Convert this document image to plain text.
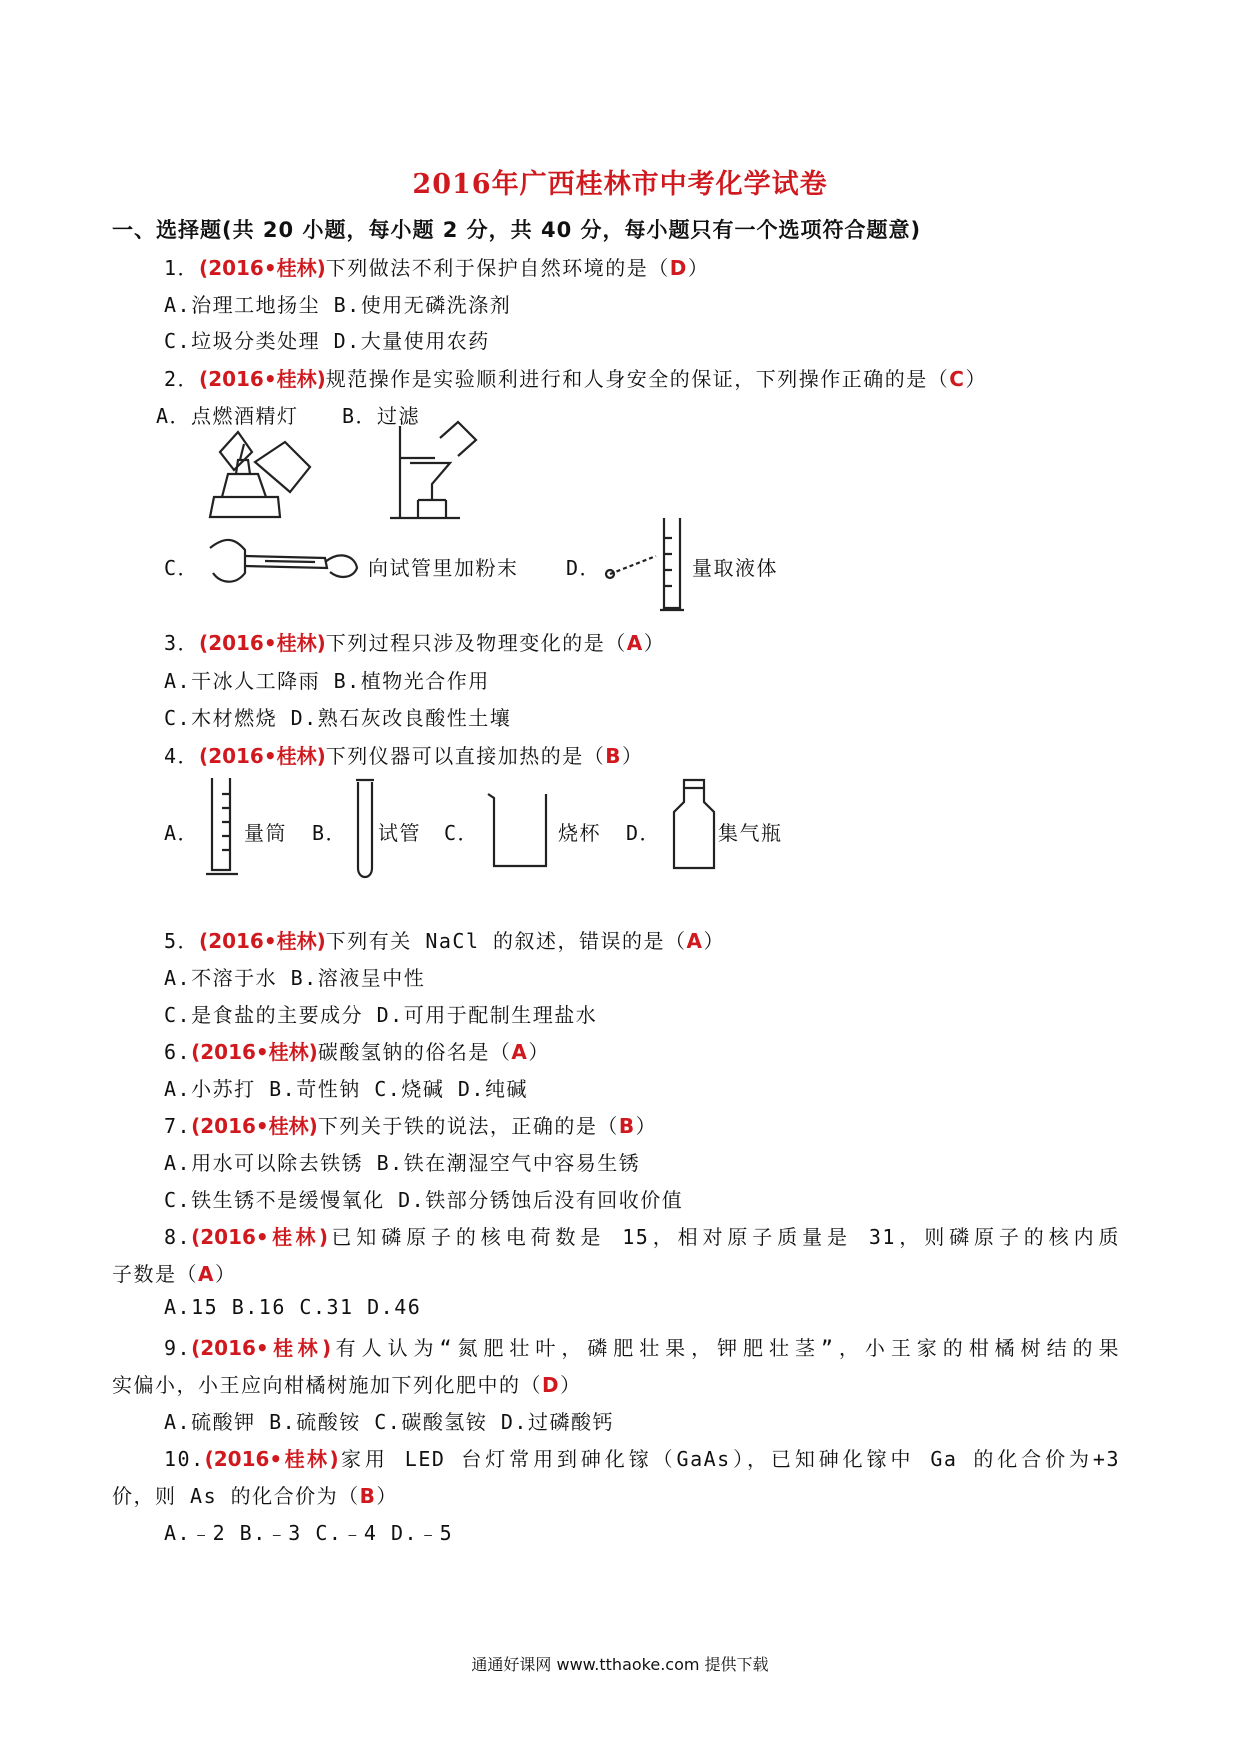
2016年广西桂林市中考化学试卷
一、选择题(共 20 小题，每小题 2 分，共 40 分，每小题只有一个选项符合题意)
1．(2016•桂林)下列做法不利于保护自然环境的是（D）
A.治理工地扬尘 B.使用无磷洗涤剂
C.垃圾分类处理 D.大量使用农药
2．(2016•桂林)规范操作是实验顺利进行和人身安全的保证，下列操作正确的是（C）
A．点燃酒精灯 B．过滤
C．	向试管里加粉末 D．	量取液体
3．(2016•桂林)下列过程只涉及物理变化的是（A）
A.干冰人工降雨 B.植物光合作用
C.木材燃烧 D.熟石灰改良酸性土壤
4．(2016•桂林)下列仪器可以直接加热的是（B）
A． 量筒 B． 试管 C．	烧杯 D．	集气瓶
5．(2016•桂林)下列有关 NaCl 的叙述，错误的是（A）
A.不溶于水 B.溶液呈中性
C.是食盐的主要成分 D.可用于配制生理盐水
6.(2016•桂林)碳酸氢钠的俗名是（A）
A.小苏打 B.苛性钠 C.烧碱 D.纯碱
7.(2016•桂林)下列关于铁的说法，正确的是（B）
A.用水可以除去铁锈 B.铁在潮湿空气中容易生锈
C.铁生锈不是缓慢氧化 D.铁部分锈蚀后没有回收价值
8.(2016•桂林)已知磷原子的核电荷数是 15，相对原子质量是 31，则磷原子的核内质
子数是（A）
A.15 B.16 C.31 D.46
9.(2016•桂林)有人认为“氮肥壮叶，磷肥壮果，钾肥壮茎”，小王家的柑橘树结的果
实偏小，小王应向柑橘树施加下列化肥中的（D）
A.硫酸钾 B.硫酸铵 C.碳酸氢铵 D.过磷酸钙
10.(2016•桂林)家用 LED 台灯常用到砷化镓（GaAs），已知砷化镓中 Ga 的化合价为+3
价，则 As 的化合价为（B）
A.﹣2 B.﹣3 C.﹣4 D.﹣5
通通好课网 www.tthaoke.com 提供下载
